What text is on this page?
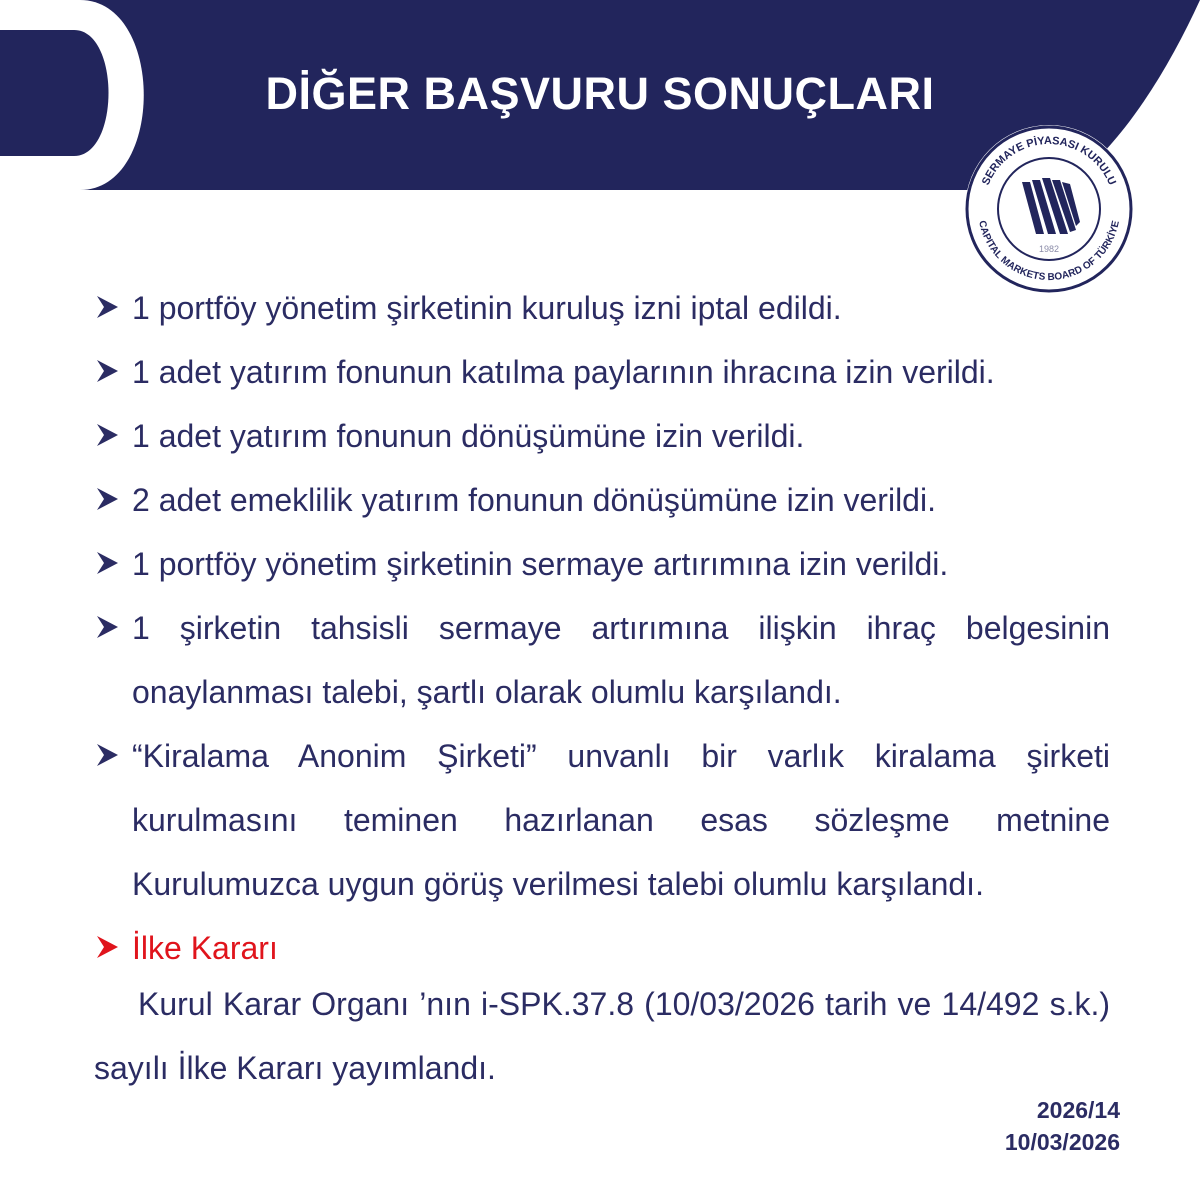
DİĞER BAŞVURU SONUÇLARI
SERMAYE PİYASASI KURULU
CAPITAL MARKETS BOARD OF TÜRKİYE
1982
1 portföy yönetim şirketinin kuruluş izni iptal edildi.
1 adet yatırım fonunun katılma paylarının ihracına izin verildi.
1 adet yatırım fonunun dönüşümüne izin verildi.
2 adet emeklilik yatırım fonunun dönüşümüne izin verildi.
1 portföy yönetim şirketinin sermaye artırımına izin verildi.
1 şirketin tahsisli sermaye artırımına ilişkin ihraç belgesinin onaylanması talebi, şartlı olarak olumlu karşılandı.
“Kiralama Anonim Şirketi” unvanlı bir varlık kiralama şirketi kurulmasını teminen hazırlanan esas sözleşme metnine Kurulumuzca uygun görüş verilmesi talebi olumlu karşılandı.
İlke Kararı
Kurul Karar Organı ’nın i-SPK.37.8 (10/03/2026 tarih ve 14/492 s.k.) sayılı İlke Kararı yayımlandı.
2026/14
10/03/2026
